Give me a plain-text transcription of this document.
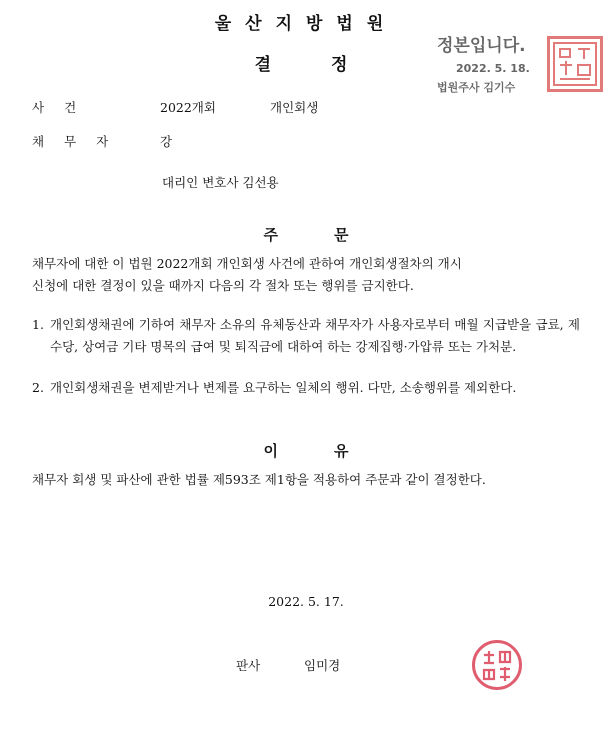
울산지방법원
결정
정본입니다.
2022. 5. 18.
법원주사 김기수
사건	2022개회	개인회생
채무자	강
대리인 변호사 김선용
주문
채무자에 대한 이 법원 2022개회 개인회생 사건에 관하여 개인회생절차의 개시
신청에 대한 결정이 있을 때까지 다음의 각 절차 또는 행위를 금지한다.
1. 개인회생채권에 기하여 채무자 소유의 유체동산과 채무자가 사용자로부터 매월 지급받을 급료, 제수당, 상여금 기타 명목의 급여 및 퇴직금에 대하여 하는 강제집행·가압류 또는 가처분.
2. 개인회생채권을 변제받거나 변제를 요구하는 일체의 행위. 다만, 소송행위를 제외한다.
이유
채무자 회생 및 파산에 관한 법률 제593조 제1항을 적용하여 주문과 같이 결정한다.
2022. 5. 17.
판사	임미경
